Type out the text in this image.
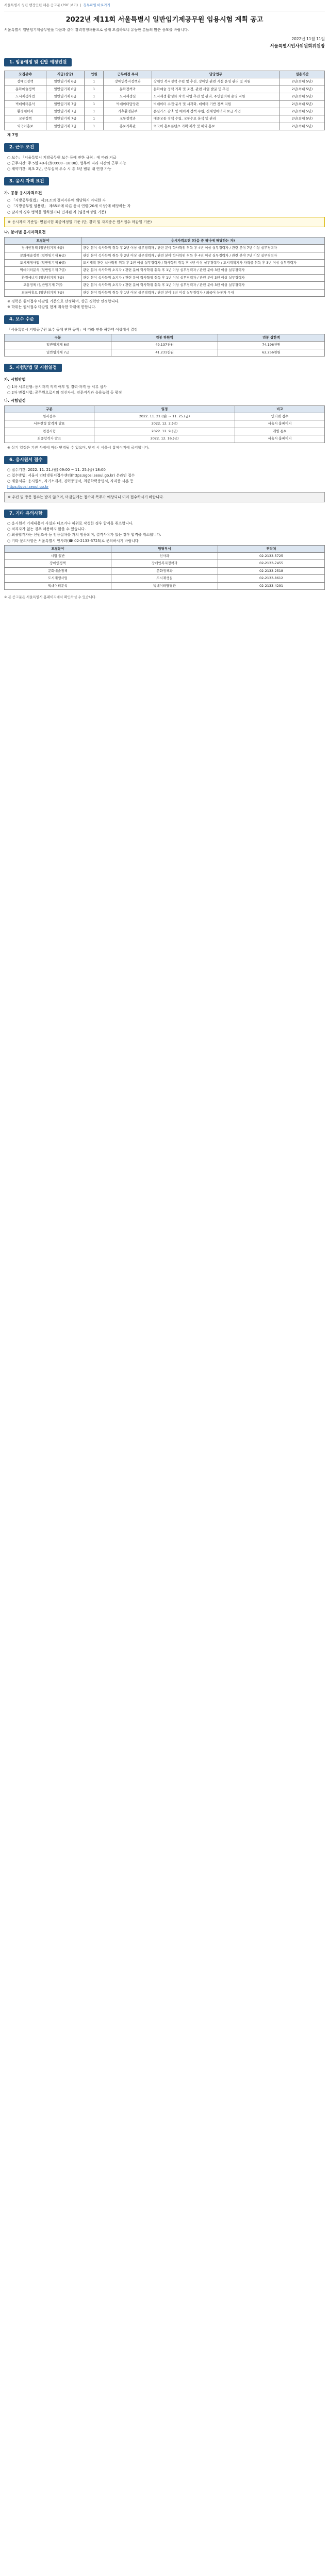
서울특별시 청년 행정인턴 채용 공고문 (PDF 보기)  |  첨부파일 바로가기
2022년 제11회 서울특별시 일반임기제공무원 임용시험 계획 공고
서울특별시 일반임기제공무원을 다음과 같이 경력경쟁채용으로 공개 모집하오니 유능한 분들의 많은 응모를 바랍니다.
2022년 11월 11일
서울특별시인사위원회위원장
1. 임용예정 및 선발 예정인원
모집분야	직급(상당)	인원	근무예정 부서	담당업무	임용기간
장애인정책	일반임기제 6급	1	장애인복지정책과	장애인 복지정책 수립 및 추진, 장애인 관련 시설 운영 관리 및 지원	2년(최대 5년)
문화예술정책	일반임기제 6급	1	문화정책과	문화예술 정책 기획 및 조정, 관련 사업 발굴 및 추진	2년(최대 5년)
도시재생사업	일반임기제 6급	1	도시재생실	도시재생 활성화 지역 사업 추진 및 관리, 주민협의체 운영 지원	2년(최대 5년)
빅데이터분석	일반임기제 7급	1	빅데이터담당관	빅데이터 수집·분석 및 시각화, 데이터 기반 정책 지원	2년(최대 5년)
환경에너지	일반임기제 7급	1	기후환경본부	온실가스 감축 및 에너지 정책 수립, 신재생에너지 보급 사업	2년(최대 5년)
교통정책	일반임기제 7급	1	교통정책과	대중교통 정책 수립, 교통수요 분석 및 관리	2년(최대 5년)
외국어홍보	일반임기제 7급	1	홍보기획관	외국어 홍보콘텐츠 기획·제작 및 해외 홍보	2년(최대 5년)
계 7명
2. 근무 조건
○ 보수: 「서울특별시 지방공무원 보수 등에 관한 규칙」에 따라 지급
○ 근무시간: 주 5일 40시간(09:00~18:00), 업무에 따라 시간외 근무 가능
○ 계약기간: 최초 2년, 근무실적 우수 시 총 5년 범위 내 연장 가능
3. 응시 자격 요건
가. 공통 응시자격요건
○ 「지방공무원법」 제31조의 결격사유에 해당하지 아니한 자
○ 「지방공무원 임용령」 제65조에 따른 응시 연령(20세 이상)에 해당하는 자
○ 남자의 경우 병역을 필하였거나 면제된 자 (임용예정일 기준)
※ 응시자격 기준일: 면접시험 최종예정일 기준 (단, 경력 및 자격증은 원서접수 마감일 기준)
나. 분야별 응시자격요건
모집분야	응시자격요건 (다음 중 하나에 해당하는 자)
장애인정책 (일반임기제 6급)	관련 분야 석사학위 취득 후 2년 이상 실무경력자 / 관련 분야 학사학위 취득 후 4년 이상 실무경력자 / 관련 분야 7년 이상 실무경력자
문화예술정책 (일반임기제 6급)	관련 분야 석사학위 취득 후 2년 이상 실무경력자 / 관련 분야 학사학위 취득 후 4년 이상 실무경력자 / 관련 분야 7년 이상 실무경력자
도시재생사업 (일반임기제 6급)	도시계획 관련 석사학위 취득 후 2년 이상 실무경력자 / 학사학위 취득 후 4년 이상 실무경력자 / 도시계획기사 자격증 취득 후 3년 이상 실무경력자
빅데이터분석 (일반임기제 7급)	관련 분야 석사학위 소지자 / 관련 분야 학사학위 취득 후 1년 이상 실무경력자 / 관련 분야 3년 이상 실무경력자
환경에너지 (일반임기제 7급)	관련 분야 석사학위 소지자 / 관련 분야 학사학위 취득 후 1년 이상 실무경력자 / 관련 분야 3년 이상 실무경력자
교통정책 (일반임기제 7급)	관련 분야 석사학위 소지자 / 관련 분야 학사학위 취득 후 1년 이상 실무경력자 / 관련 분야 3년 이상 실무경력자
외국어홍보 (일반임기제 7급)	관련 분야 학사학위 취득 후 1년 이상 실무경력자 / 관련 분야 3년 이상 실무경력자 / 외국어 능통자 우대
※ 경력은 원서접수 마감일 기준으로 산정하며, 상근 경력만 인정합니다.
※ 학위는 원서접수 마감일 현재 취득한 학위에 한합니다.
4. 보수 수준
「서울특별시 지방공무원 보수 등에 관한 규칙」에 따라 연봉 하한액 이상에서 결정
구분	연봉 하한액	연봉 상한액
일반임기제 6급	49,137천원	74,196천원
일반임기제 7급	41,231천원	62,256천원
5. 시험방법 및 시험일정
가. 시험방법
○ 1차 서류전형: 응시자격 적격 여부 및 경력·자격 등 서류 심사
○ 2차 면접시험: 공무원으로서의 정신자세, 전문지식과 응용능력 등 평정
나. 시험일정
구분	일정	비고
원서접수	2022. 11. 21.(월) ~ 11. 25.(금)	인터넷 접수
서류전형 합격자 발표	2022. 12. 2.(금)	서울시 홈페이지
면접시험	2022. 12. 9.(금)	개별 통보
최종합격자 발표	2022. 12. 16.(금)	서울시 홈페이지
※ 상기 일정은 기관 사정에 따라 변경될 수 있으며, 변경 시 서울시 홈페이지에 공지합니다.
6. 응시원서 접수
○ 접수기간: 2022. 11. 21.(월) 09:00 ~ 11. 25.(금) 18:00
○ 접수방법: 서울시 인터넷원서접수센터(https://gosi.seoul.go.kr) 온라인 접수
○ 제출서류: 응시원서, 자기소개서, 경력증명서, 최종학력증명서, 자격증 사본 등
https://gosi.seoul.go.kr
※ 우편 및 방문 접수는 받지 않으며, 마감일에는 접속자 폭주가 예상되니 미리 접수하시기 바랍니다.
7. 기타 유의사항
○ 응시원서 기재내용이 사실과 다르거나 허위로 작성한 경우 합격을 취소합니다.
○ 적격자가 없는 경우 채용하지 않을 수 있습니다.
○ 최종합격자는 신원조사 등 임용절차를 거쳐 임용되며, 결격사유가 있는 경우 합격을 취소합니다.
○ 기타 문의사항은 서울특별시 인사과(☎ 02-2133-5725)로 문의하시기 바랍니다.
모집분야	담당부서	연락처
시험 일반	인사과	02-2133-5725
장애인정책	장애인복지정책과	02-2133-7455
문화예술정책	문화정책과	02-2133-2518
도시재생사업	도시재생실	02-2133-8612
빅데이터분석	빅데이터담당관	02-2133-4291
※ 본 공고문은 서울특별시 홈페이지에서 확인하실 수 있습니다.
